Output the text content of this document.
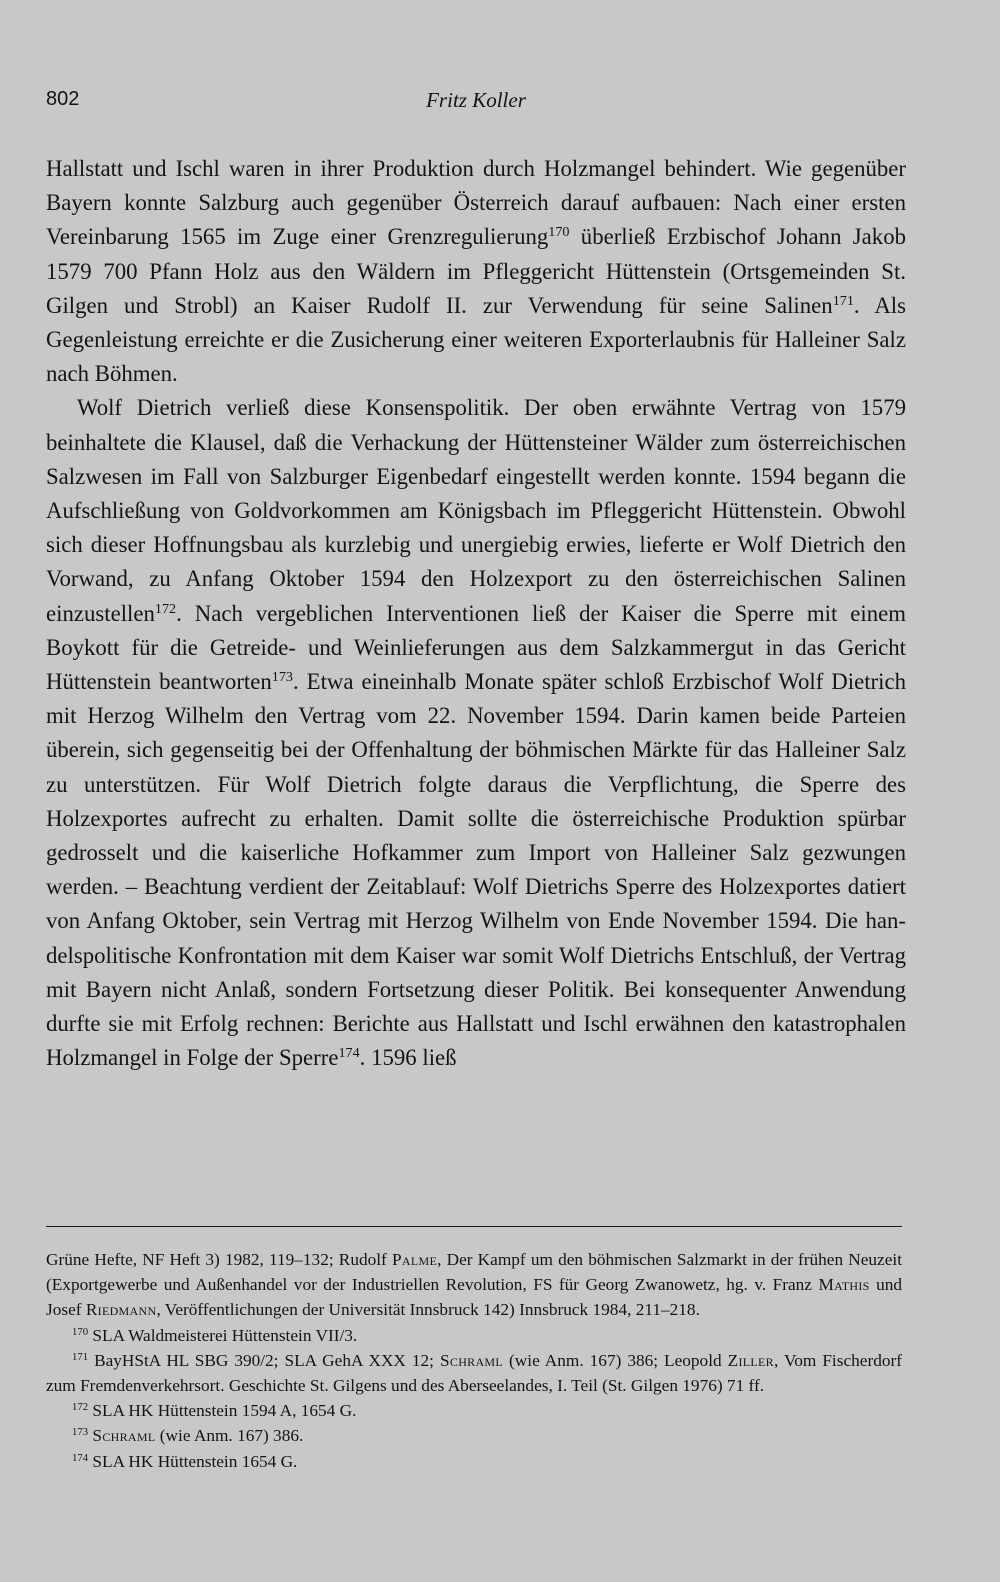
802	Fritz Koller

Hallstatt und Ischl waren in ihrer Produktion durch Holzmangel behindert. Wie gegenüber Bayern konnte Salzburg auch gegenüber Österreich darauf aufbauen: Nach einer ersten Vereinbarung 1565 im Zuge einer Grenzregulierung$^{170}$ überließ Erzbischof Johann Jakob 1579 700 Pfann Holz aus den Wäldern im Pfleggericht Hüttenstein (Ortsgemeinden St. Gilgen und Strobl) an Kaiser Rudolf II. zur Verwendung für seine Salinen$^{171}$. Als Gegenleistung erreichte er die Zusicherung einer weiteren Exporterlaubnis für Halleiner Salz nach Böhmen.

Wolf Dietrich verließ diese Konsenspolitik. Der oben erwähnte Vertrag von 1579 beinhaltete die Klausel, daß die Verhackung der Hüttensteiner Wälder zum österreichischen Salzwesen im Fall von Salzburger Eigenbedarf eingestellt werden konnte. 1594 begann die Aufschließung von Goldvorkommen am Königsbach im Pfleggericht Hüttenstein. Obwohl sich dieser Hoffnungsbau als kurzlebig und unergiebig erwies, lieferte er Wolf Dietrich den Vorwand, zu Anfang Oktober 1594 den Holzexport zu den österreichischen Salinen einzustellen$^{172}$. Nach vergeblichen Interventionen ließ der Kaiser die Sperre mit einem Boykott für die Getreide- und Weinlieferungen aus dem Salzkammergut in das Gericht Hüttenstein beantworten$^{173}$. Etwa eineinhalb Monate später schloß Erzbischof Wolf Dietrich mit Herzog Wilhelm den Vertrag vom 22. November 1594. Darin kamen beide Parteien überein, sich gegenseitig bei der Offenhaltung der böhmischen Märkte für das Halleiner Salz zu unterstützen. Für Wolf Dietrich folgte daraus die Verpflichtung, die Sperre des Holzexportes aufrecht zu erhalten. Damit sollte die österreichische Produktion spürbar gedrosselt und die kaiserliche Hofkammer zum Import von Halleiner Salz gezwungen werden. – Beachtung verdient der Zeitablauf: Wolf Dietrichs Sperre des Holzexportes datiert von Anfang Oktober, sein Vertrag mit Herzog Wilhelm von Ende November 1594. Die handelspolitische Konfrontation mit dem Kaiser war somit Wolf Dietrichs Entschluß, der Vertrag mit Bayern nicht Anlaß, sondern Fortsetzung dieser Politik. Bei konsequenter Anwendung durfte sie mit Erfolg rechnen: Berichte aus Hallstatt und Ischl erwähnen den katastrophalen Holzmangel in Folge der Sperre$^{174}$. 1596 ließ

Grüne Hefte, NF Heft 3) 1982, 119–132; Rudolf Palme, Der Kampf um den böhmischen Salzmarkt in der frühen Neuzeit (Exportgewerbe und Außenhandel vor der Industriellen Revolution, FS für Georg Zwanowetz, hg. v. Franz Mathis und Josef Riedmann, Veröffentlichungen der Universität Innsbruck 142) Innsbruck 1984, 211–218.

$^{170}$ SLA Waldmeisterei Hüttenstein VII/3.

$^{171}$ BayHStA HL SBG 390/2; SLA GehA XXX 12; Schraml (wie Anm. 167) 386; Leopold Ziller, Vom Fischerdorf zum Fremdenverkehrsort. Geschichte St. Gilgens und des Aberseelandes, I. Teil (St. Gilgen 1976) 71 ff.

$^{172}$ SLA HK Hüttenstein 1594 A, 1654 G.

$^{173}$ Schraml (wie Anm. 167) 386.

$^{174}$ SLA HK Hüttenstein 1654 G.
